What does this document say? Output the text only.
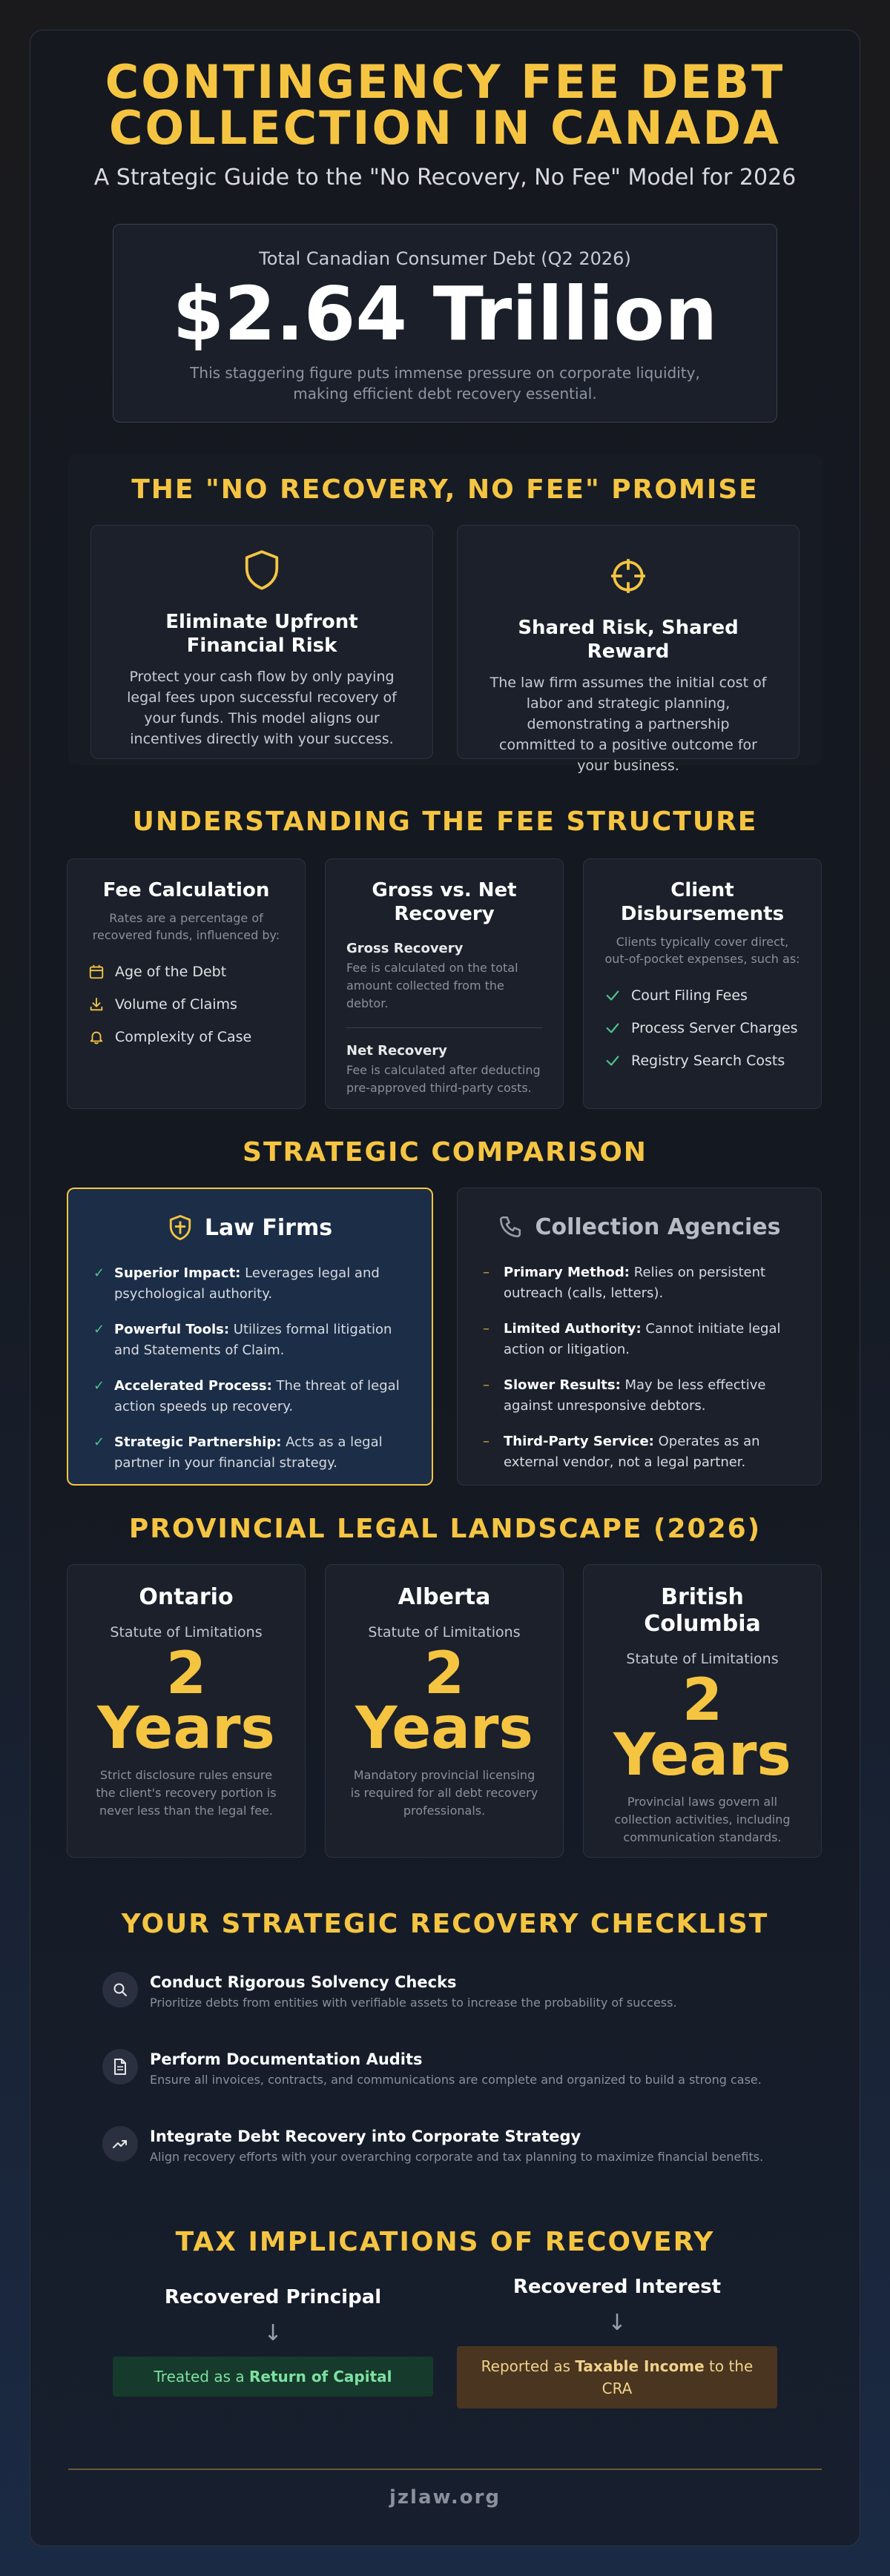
CONTINGENCY FEE DEBT
COLLECTION IN CANADA
A Strategic Guide to the "No Recovery, No Fee" Model for 2026
Total Canadian Consumer Debt (Q2 2026)
$2.64 Trillion
This staggering figure puts immense pressure on corporate liquidity, making efficient debt recovery essential.
THE "NO RECOVERY, NO FEE" PROMISE
Eliminate Upfront Financial Risk

Protect your cash flow by only paying legal fees upon successful recovery of your funds. This model aligns our incentives directly with your success.

Shared Risk, Shared Reward

The law firm assumes the initial cost of labor and strategic planning, demonstrating a partnership committed to a positive outcome for your business.

UNDERSTANDING THE FEE STRUCTURE
Fee Calculation
Rates are a percentage of recovered funds, influenced by:
Age of the Debt
Volume of Claims
Complexity of Case
Gross vs. Net Recovery
Gross Recovery

Fee is calculated on the total amount collected from the debtor.

Net Recovery

Fee is calculated after deducting pre-approved third-party costs.

Client Disbursements
Clients typically cover direct, out-of-pocket expenses, such as:
Court Filing Fees
Process Server Charges
Registry Search Costs
STRATEGIC COMPARISON
Law Firms
✓ Superior Impact: Leverages legal and psychological authority.
✓ Powerful Tools: Utilizes formal litigation and Statements of Claim.
✓ Accelerated Process: The threat of legal action speeds up recovery.
✓ Strategic Partnership: Acts as a legal partner in your financial strategy.
Collection Agencies
–	Primary Method: Relies on persistent outreach (calls, letters).
–	Limited Authority: Cannot initiate legal action or litigation.
–	Slower Results: May be less effective against unresponsive debtors.
–	Third-Party Service: Operates as an external vendor, not a legal partner.
PROVINCIAL LEGAL LANDSCAPE (2026)
Ontario
Statute of Limitations
2
Years
Strict disclosure rules ensure the client's recovery portion is never less than the legal fee.
Alberta
Statute of Limitations
2
Years
Mandatory provincial licensing is required for all debt recovery professionals.
British Columbia
Statute of Limitations
2
Years
Provincial laws govern all collection activities, including communication standards.
YOUR STRATEGIC RECOVERY CHECKLIST
Conduct Rigorous Solvency Checks

Prioritize debts from entities with verifiable assets to increase the probability of success.

Perform Documentation Audits

Ensure all invoices, contracts, and communications are complete and organized to build a strong case.

Integrate Debt Recovery into Corporate Strategy

Align recovery efforts with your overarching corporate and tax planning to maximize financial benefits.

TAX IMPLICATIONS OF RECOVERY
Recovered Principal
↓
Treated as a Return of Capital
Recovered Interest
↓
Reported as Taxable Income to the CRA
jzlaw.org
